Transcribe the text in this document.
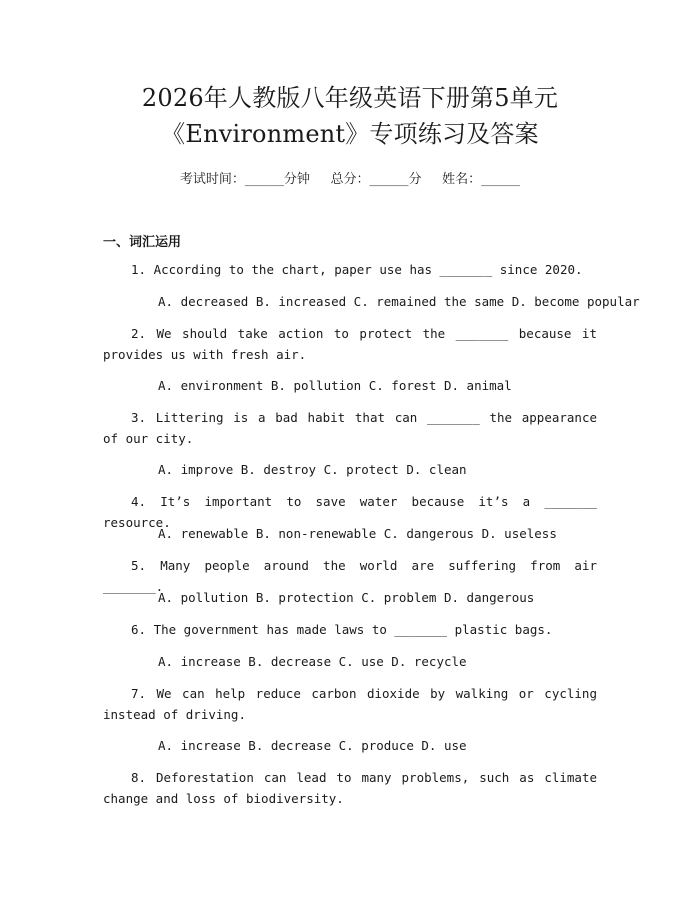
2026年人教版八年级英语下册第5单元
《Environment》专项练习及答案
考试时间：______分钟     总分：______分     姓名：______
一、词汇运用
1. According to the chart, paper use has _______ since 2020.
A. decreased B. increased C. remained the same D. become popular
2. We should take action to protect the _______ because it provides us with fresh air.
A. environment B. pollution C. forest D. animal
3. Littering is a bad habit that can _______ the appearance of our city.
A. improve B. destroy C. protect D. clean
4. It’s important to save water because it’s a _______ resource.
A. renewable B. non-renewable C. dangerous D. useless
5. Many people around the world are suffering from air _______.
A. pollution B. protection C. problem D. dangerous
6. The government has made laws to _______ plastic bags.
A. increase B. decrease C. use D. recycle
7. We can help reduce carbon dioxide by walking or cycling instead of driving.
A. increase B. decrease C. produce D. use
8. Deforestation can lead to many problems, such as climate change and loss of biodiversity.
